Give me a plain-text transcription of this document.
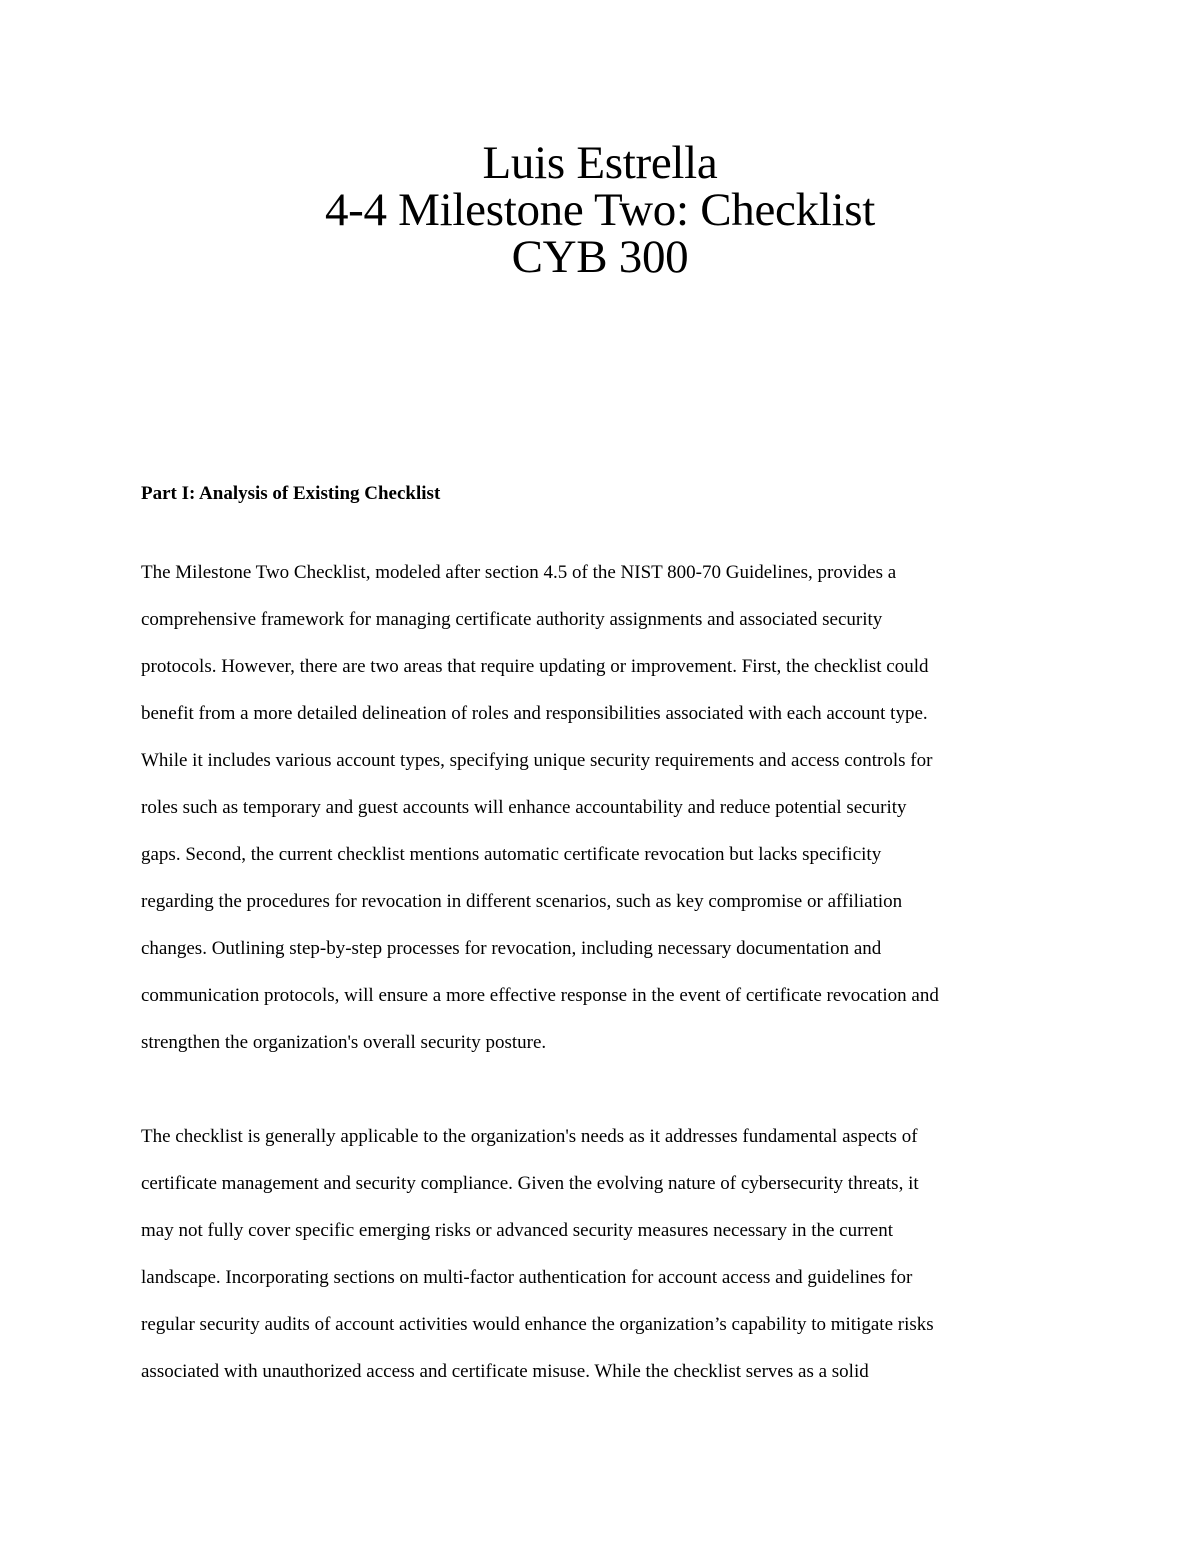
Luis Estrella
4-4 Milestone Two: Checklist
CYB 300
Part I: Analysis of Existing Checklist
The Milestone Two Checklist, modeled after section 4.5 of the NIST 800-70 Guidelines, provides a
comprehensive framework for managing certificate authority assignments and associated security
protocols. However, there are two areas that require updating or improvement. First, the checklist could
benefit from a more detailed delineation of roles and responsibilities associated with each account type.
While it includes various account types, specifying unique security requirements and access controls for
roles such as temporary and guest accounts will enhance accountability and reduce potential security
gaps. Second, the current checklist mentions automatic certificate revocation but lacks specificity
regarding the procedures for revocation in different scenarios, such as key compromise or affiliation
changes. Outlining step-by-step processes for revocation, including necessary documentation and
communication protocols, will ensure a more effective response in the event of certificate revocation and
strengthen the organization's overall security posture.
The checklist is generally applicable to the organization's needs as it addresses fundamental aspects of
certificate management and security compliance. Given the evolving nature of cybersecurity threats, it
may not fully cover specific emerging risks or advanced security measures necessary in the current
landscape. Incorporating sections on multi-factor authentication for account access and guidelines for
regular security audits of account activities would enhance the organization’s capability to mitigate risks
associated with unauthorized access and certificate misuse. While the checklist serves as a solid
